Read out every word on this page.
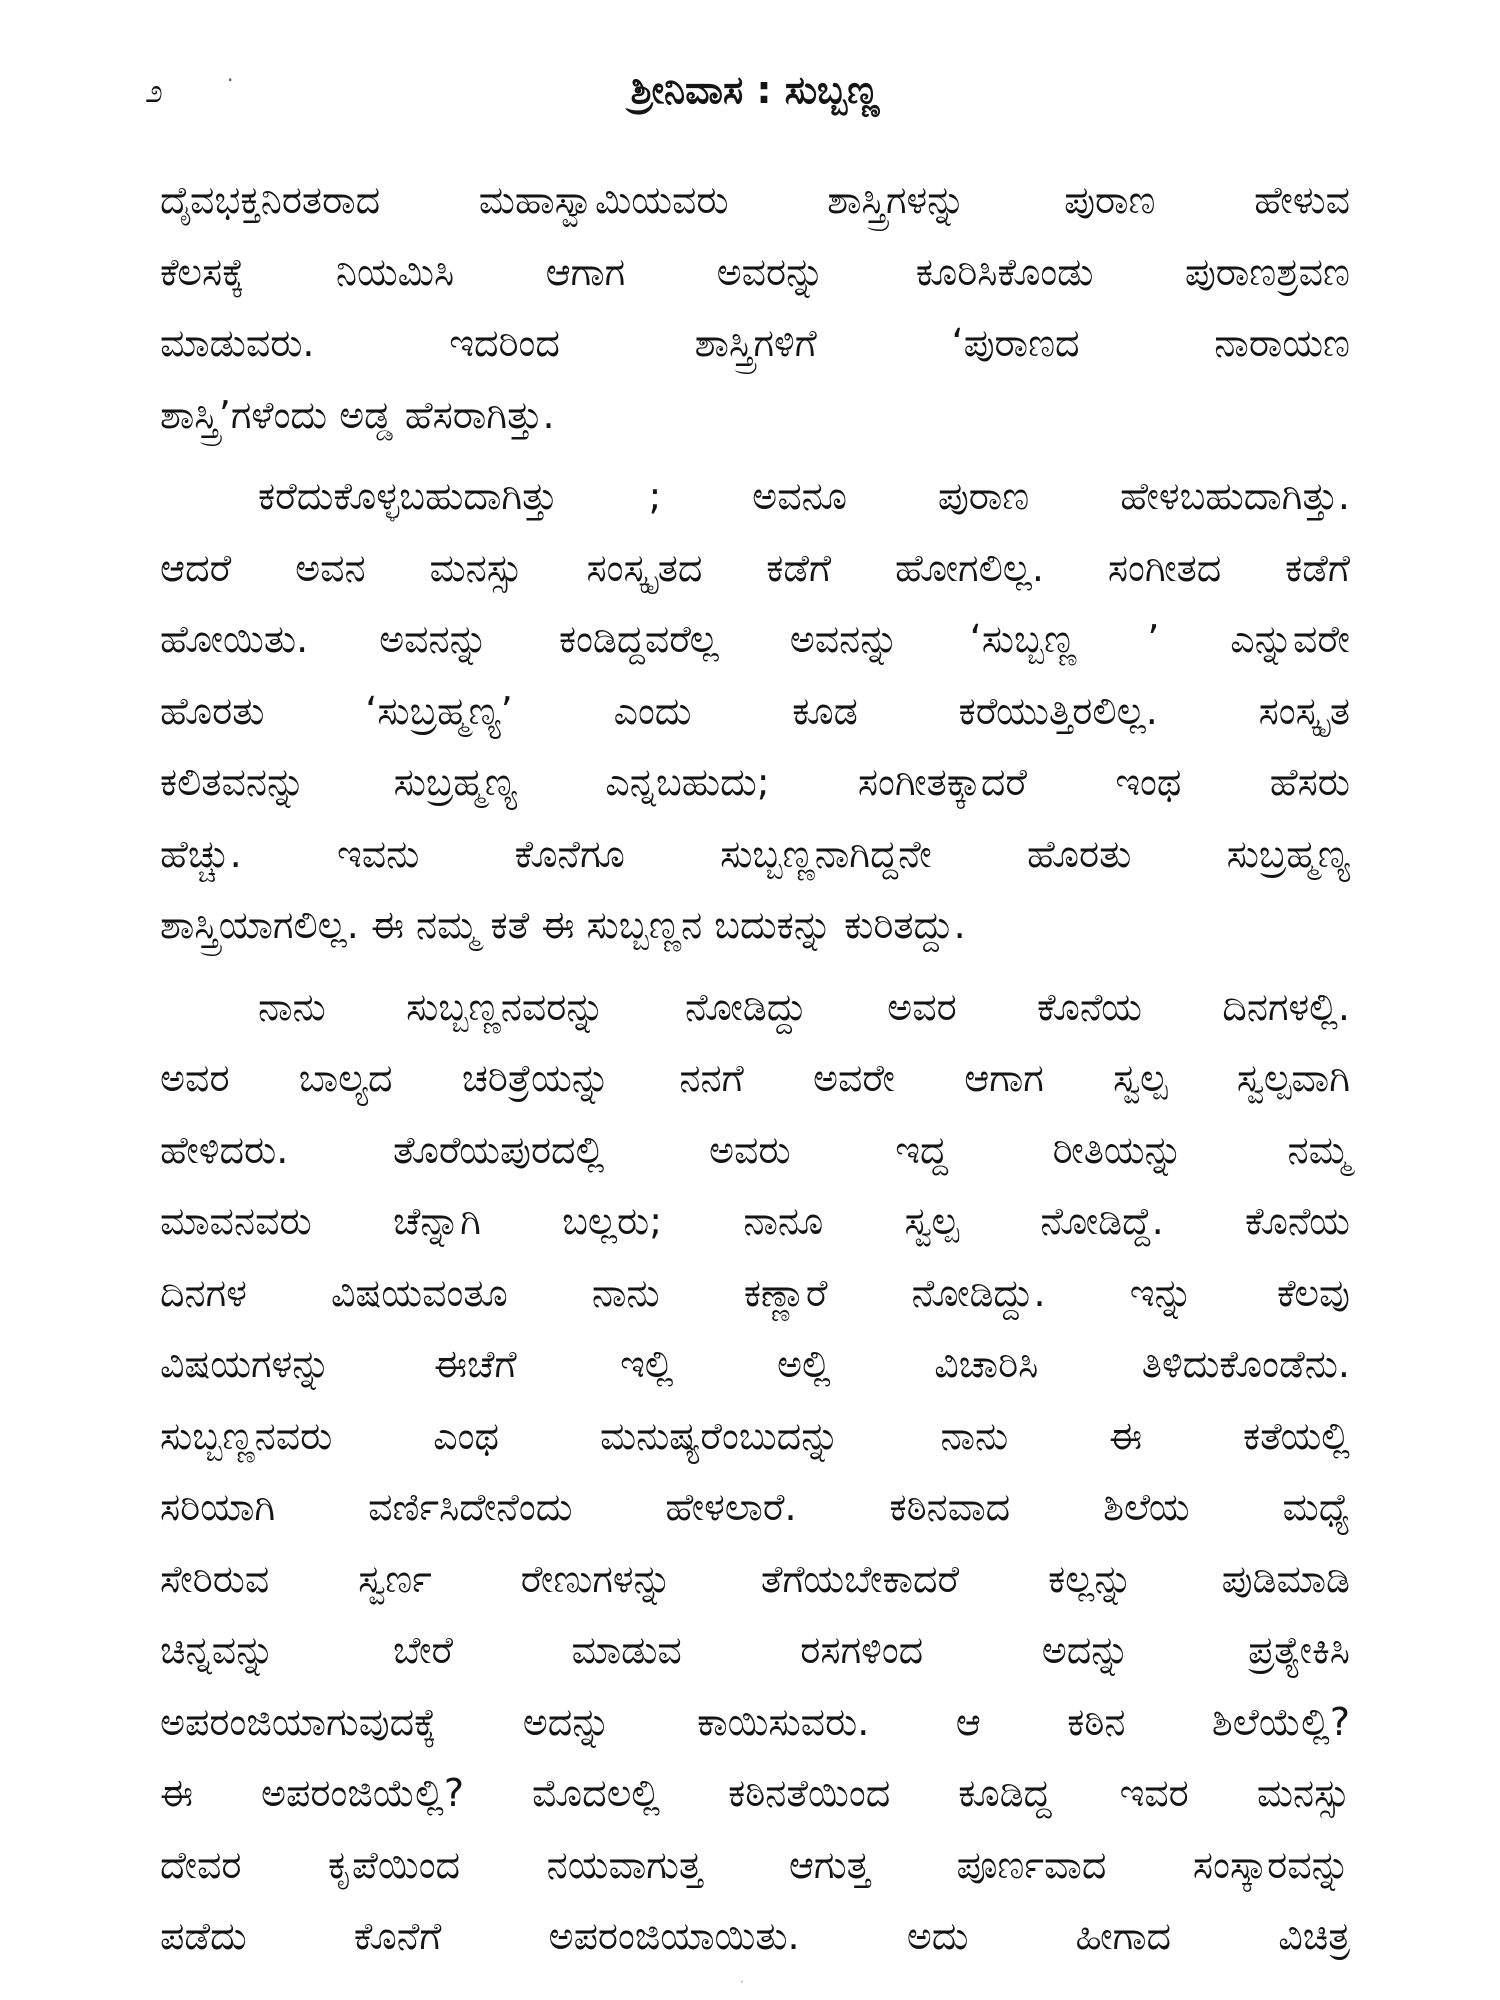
೨	·	ಶ್ರೀನಿವಾಸ : ಸುಬ್ಬಣ್ಣ
ದೈವಭಕ್ತನಿರತರಾದ ಮಹಾಸ್ವಾಮಿಯವರು ಶಾಸ್ತ್ರಿಗಳನ್ನು ಪುರಾಣ ಹೇಳುವ
ಕೆಲಸಕ್ಕೆ ನಿಯಮಿಸಿ ಆಗಾಗ ಅವರನ್ನು ಕೂರಿಸಿಕೊಂಡು ಪುರಾಣಶ್ರವಣ
ಮಾಡುವರು. ಇದರಿಂದ ಶಾಸ್ತ್ರಿಗಳಿಗೆ ‘ಪುರಾಣದ ನಾರಾಯಣ
ಶಾಸ್ತ್ರಿ’ಗಳೆಂದು ಅಡ್ಡ ಹೆಸರಾಗಿತ್ತು.
ಕರೆದುಕೊಳ್ಳಬಹುದಾಗಿತ್ತು ; ಅವನೂ ಪುರಾಣ ಹೇಳಬಹುದಾಗಿತ್ತು.
ಆದರೆ ಅವನ ಮನಸ್ಸು ಸಂಸ್ಕೃತದ ಕಡೆಗೆ ಹೋಗಲಿಲ್ಲ. ಸಂಗೀತದ ಕಡೆಗೆ
ಹೋಯಿತು. ಅವನನ್ನು ಕಂಡಿದ್ದವರೆಲ್ಲ ಅವನನ್ನು ‘ಸುಬ್ಬಣ್ಣ ’ ಎನ್ನುವರೇ
ಹೊರತು ‘ಸುಬ್ರಹ್ಮಣ್ಯ’ ಎಂದು ಕೂಡ ಕರೆಯುತ್ತಿರಲಿಲ್ಲ. ಸಂಸ್ಕೃತ
ಕಲಿತವನನ್ನು ಸುಬ್ರಹ್ಮಣ್ಯ ಎನ್ನಬಹುದು; ಸಂಗೀತಕ್ಕಾದರೆ ಇಂಥ ಹೆಸರು
ಹೆಚ್ಚು. ಇವನು ಕೊನೆಗೂ ಸುಬ್ಬಣ್ಣನಾಗಿದ್ದನೇ ಹೊರತು ಸುಬ್ರಹ್ಮಣ್ಯ
ಶಾಸ್ತ್ರಿಯಾಗಲಿಲ್ಲ. ಈ ನಮ್ಮ ಕತೆ ಈ ಸುಬ್ಬಣ್ಣನ ಬದುಕನ್ನು ಕುರಿತದ್ದು.
ನಾನು ಸುಬ್ಬಣ್ಣನವರನ್ನು ನೋಡಿದ್ದು ಅವರ ಕೊನೆಯ ದಿನಗಳಲ್ಲಿ.
ಅವರ ಬಾಲ್ಯದ ಚರಿತ್ರೆಯನ್ನು ನನಗೆ ಅವರೇ ಆಗಾಗ ಸ್ವಲ್ಪ ಸ್ವಲ್ಪವಾಗಿ
ಹೇಳಿದರು. ತೊರೆಯಪುರದಲ್ಲಿ ಅವರು ಇದ್ದ ರೀತಿಯನ್ನು ನಮ್ಮ
ಮಾವನವರು ಚೆನ್ನಾಗಿ ಬಲ್ಲರು; ನಾನೂ ಸ್ವಲ್ಪ ನೋಡಿದ್ದೆ. ಕೊನೆಯ
ದಿನಗಳ ವಿಷಯವಂತೂ ನಾನು ಕಣ್ಣಾರೆ ನೋಡಿದ್ದು. ಇನ್ನು ಕೆಲವು
ವಿಷಯಗಳನ್ನು ಈಚೆಗೆ ಇಲ್ಲಿ ಅಲ್ಲಿ ವಿಚಾರಿಸಿ ತಿಳಿದುಕೊಂಡೆನು.
ಸುಬ್ಬಣ್ಣನವರು ಎಂಥ ಮನುಷ್ಯರೆಂಬುದನ್ನು ನಾನು ಈ ಕತೆಯಲ್ಲಿ
ಸರಿಯಾಗಿ ವರ್ಣಿಸಿದೇನೆಂದು ಹೇಳಲಾರೆ. ಕಠಿನವಾದ ಶಿಲೆಯ ಮಧ್ಯೆ
ಸೇರಿರುವ ಸ್ವರ್ಣ ರೇಣುಗಳನ್ನು ತೆಗೆಯಬೇಕಾದರೆ ಕಲ್ಲನ್ನು ಪುಡಿಮಾಡಿ
ಚಿನ್ನವನ್ನು ಬೇರೆ ಮಾಡುವ ರಸಗಳಿಂದ ಅದನ್ನು ಪ್ರತ್ಯೇಕಿಸಿ
ಅಪರಂಜಿಯಾಗುವುದಕ್ಕೆ ಅದನ್ನು ಕಾಯಿಸುವರು. ಆ ಕಠಿನ ಶಿಲೆಯೆಲ್ಲಿ?
ಈ ಅಪರಂಜಿಯೆಲ್ಲಿ? ಮೊದಲಲ್ಲಿ ಕಠಿನತೆಯಿಂದ ಕೂಡಿದ್ದ ಇವರ ಮನಸ್ಸು
ದೇವರ ಕೃಪೆಯಿಂದ ನಯವಾಗುತ್ತ ಆಗುತ್ತ ಪೂರ್ಣವಾದ ಸಂಸ್ಕಾರವನ್ನು
ಪಡೆದು ಕೊನೆಗೆ ಅಪರಂಜಿಯಾಯಿತು. ಅದು ಹೀಗಾದ ವಿಚಿತ್ರ
·
